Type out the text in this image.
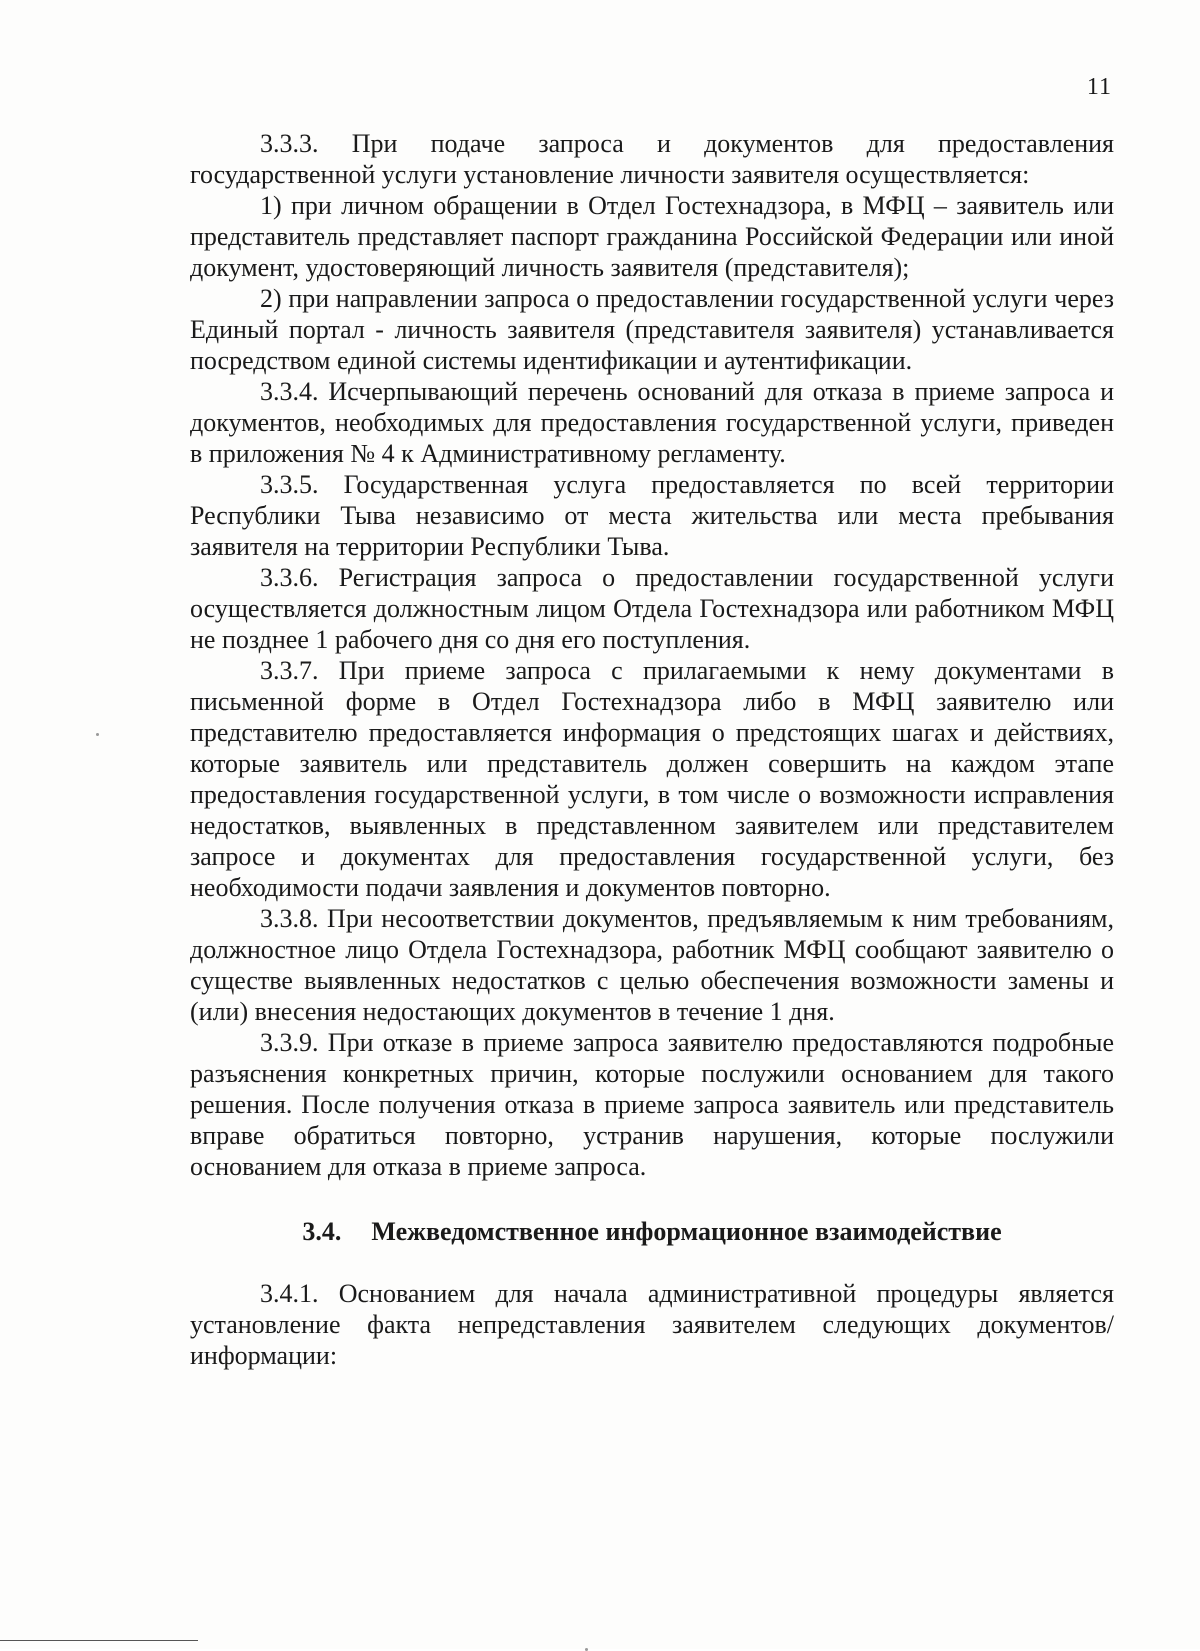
11

3.3.3. При подаче запроса и документов для предоставления государственной услуги установление личности заявителя осуществляется:

1) при личном обращении в Отдел Гостехнадзора, в МФЦ – заявитель или представитель представляет паспорт гражданина Российской Федерации или иной документ, удостоверяющий личность заявителя (представителя);

2) при направлении запроса о предоставлении государственной услуги через Единый портал - личность заявителя (представителя заявителя) устанавливается посредством единой системы идентификации и аутентификации.

3.3.4. Исчерпывающий перечень оснований для отказа в приеме запроса и документов, необходимых для предоставления государственной услуги, приведен в приложения № 4 к Административному регламенту.

3.3.5. Государственная услуга предоставляется по всей территории Республики Тыва независимо от места жительства или места пребывания заявителя на территории Республики Тыва.

3.3.6. Регистрация запроса о предоставлении государственной услуги осуществляется должностным лицом Отдела Гостехнадзора или работником МФЦ не позднее 1 рабочего дня со дня его поступления.

3.3.7. При приеме запроса с прилагаемыми к нему документами в письменной форме в Отдел Гостехнадзора либо в МФЦ заявителю или представителю предоставляется информация о предстоящих шагах и действиях, которые заявитель или представитель должен совершить на каждом этапе предоставления государственной услуги, в том числе о возможности исправления недостатков, выявленных в представленном заявителем или представителем запросе и документах для предоставления государственной услуги, без необходимости подачи заявления и документов повторно.

3.3.8. При несоответствии документов, предъявляемым к ним требованиям, должностное лицо Отдела Гостехнадзора, работник МФЦ сообщают заявителю о существе выявленных недостатков с целью обеспечения возможности замены и (или) внесения недостающих документов в течение 1 дня.

3.3.9. При отказе в приеме запроса заявителю предоставляются подробные разъяснения конкретных причин, которые послужили основанием для такого решения. После получения отказа в приеме запроса заявитель или представитель вправе обратиться повторно, устранив нарушения, которые послужили основанием для отказа в приеме запроса.

3.4. Межведомственное информационное взаимодействие

3.4.1. Основанием для начала административной процедуры является установление факта непредставления заявителем следующих документов/информации:
